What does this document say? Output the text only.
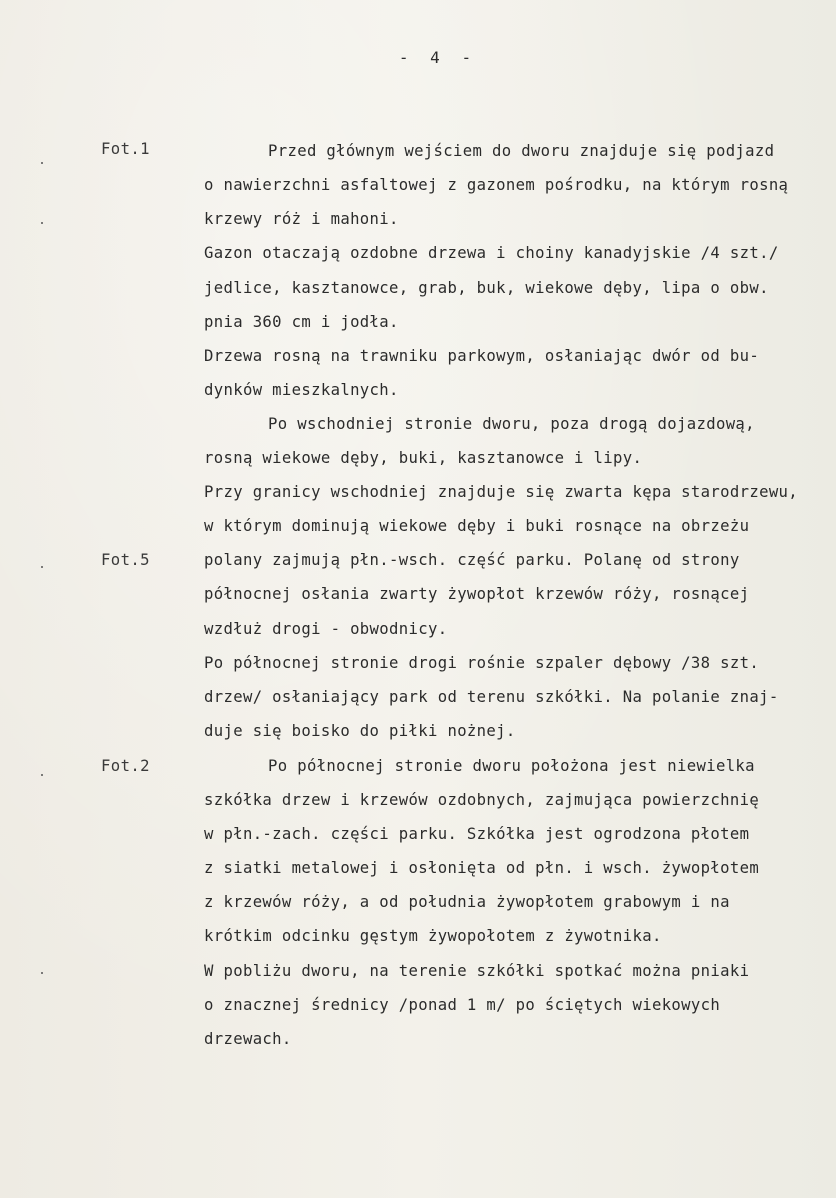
- 4 -
Fot.1
Fot.5
Fot.2
Przed głównym wejściem do dworu znajduje się podjazd
o nawierzchni asfaltowej z gazonem pośrodku, na którym rosną
krzewy róż i mahoni.
Gazon otaczają ozdobne drzewa i choiny kanadyjskie /4 szt./
jedlice, kasztanowce, grab, buk, wiekowe dęby, lipa o obw.
pnia 360 cm i jodła.
Drzewa rosną na trawniku parkowym, osłaniając dwór od bu-
dynków mieszkalnych.
Po wschodniej stronie dworu, poza drogą dojazdową,
rosną wiekowe dęby, buki, kasztanowce i lipy.
Przy granicy wschodniej znajduje się zwarta kępa starodrzewu,
w którym dominują wiekowe dęby i buki rosnące na obrzeżu
polany zajmują płn.-wsch. część parku. Polanę od strony
północnej osłania zwarty żywopłot krzewów róży, rosnącej
wzdłuż drogi - obwodnicy.
Po północnej stronie drogi rośnie szpaler dębowy /38 szt.
drzew/ osłaniający park od terenu szkółki. Na polanie znaj-
duje się boisko do piłki nożnej.
Po północnej stronie dworu położona jest niewielka
szkółka drzew i krzewów ozdobnych, zajmująca powierzchnię
w płn.-zach. części parku. Szkółka jest ogrodzona płotem
z siatki metalowej i osłonięta od płn. i wsch. żywopłotem
z krzewów róży, a od południa żywopłotem grabowym i na
krótkim odcinku gęstym żywopołotem z żywotnika.
W pobliżu dworu, na terenie szkółki spotkać można pniaki
o znacznej średnicy /ponad 1 m/ po ściętych wiekowych
drzewach.
